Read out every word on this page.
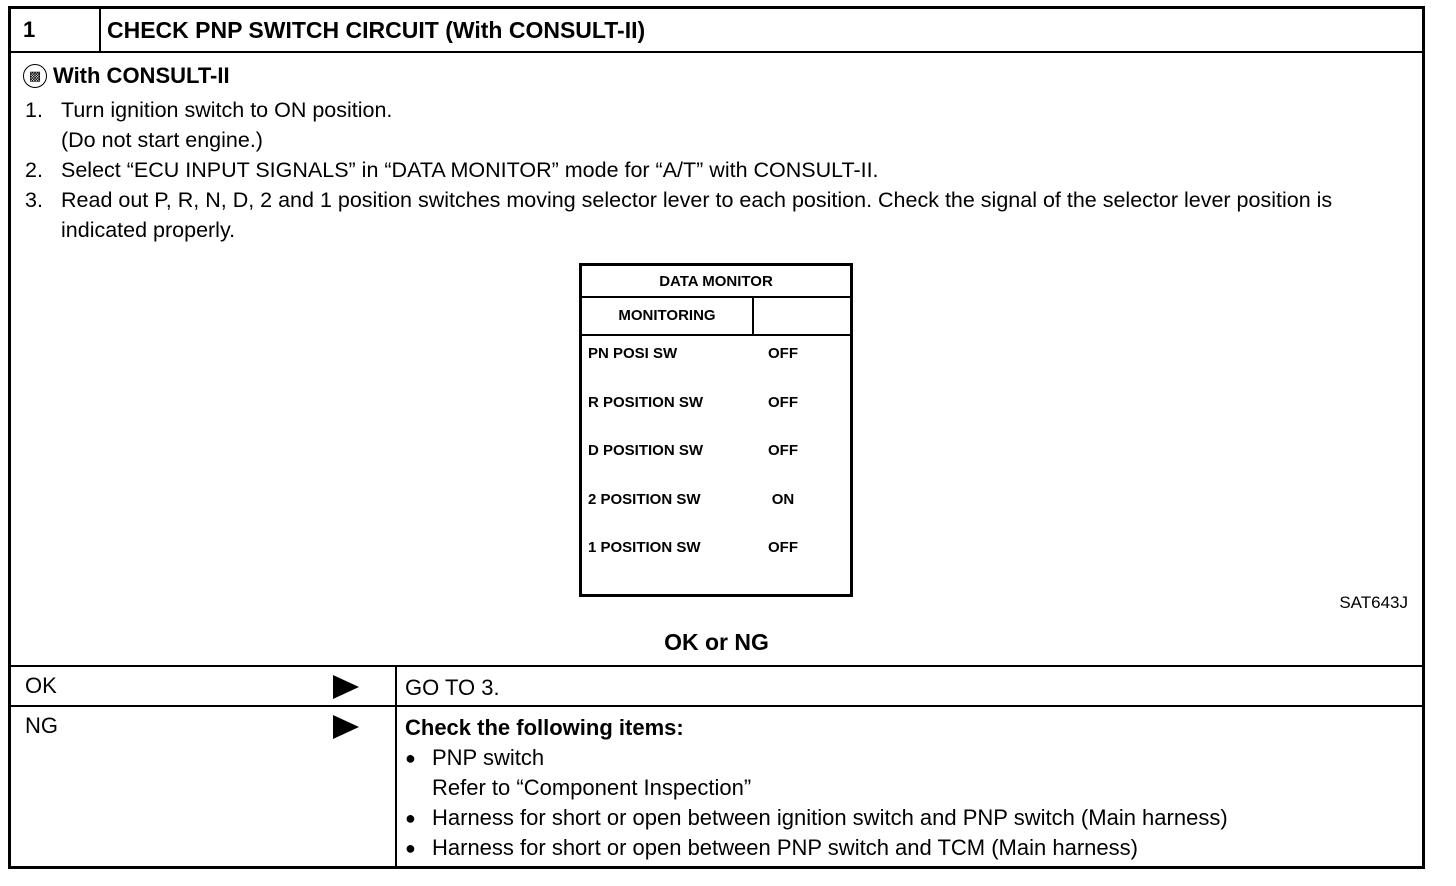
1	CHECK PNP SWITCH CIRCUIT (With CONSULT-II)
▩ With CONSULT-II
1. Turn ignition switch to ON position.
(Do not start engine.)
2. Select “ECU INPUT SIGNALS” in “DATA MONITOR” mode for “A/T” with CONSULT-II.
3. Read out P, R, N, D, 2 and 1 position switches moving selector lever to each position. Check the signal of the selector lever position is indicated properly.
DATA MONITOR
MONITORING
PN POSI SW	OFF
R POSITION SW	OFF
D POSITION SW	OFF
2 POSITION SW	ON
1 POSITION SW	OFF
SAT643J
OK or NG
OK	GO TO 3.
NG	Check the following items:
● PNP switch
Refer to “Component Inspection”
● Harness for short or open between ignition switch and PNP switch (Main harness)
● Harness for short or open between PNP switch and TCM (Main harness)
